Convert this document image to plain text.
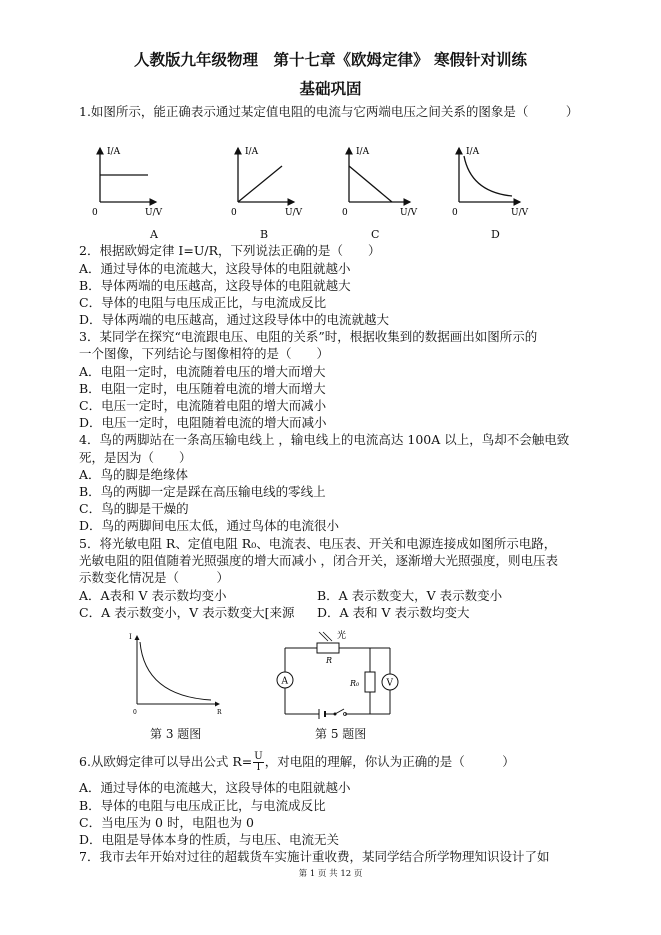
人教版九年级物理　第十七章《欧姆定律》 寒假针对训练
基础巩固
1.如图所示，能正确表示通过某定值电阻的电流与它两端电压之间关系的图象是（　　　）
I/A
U/V
0
I/A
U/V
0
I/A
U/V
0
I/A
U/V
0
A	B	C	D
2．根据欧姆定律 I=U/R，下列说法正确的是（　　）
A．通过导体的电流越大，这段导体的电阻就越小
B．导体两端的电压越高，这段导体的电阻就越大
C．导体的电阻与电压成正比，与电流成反比
D．导体两端的电压越高，通过这段导体中的电流就越大
3．某同学在探究“电流跟电压、电阻的关系”时，根据收集到的数据画出如图所示的
一个图像，下列结论与图像相符的是（　　）
A．电阻一定时，电流随着电压的增大而增大
B．电阻一定时，电压随着电流的增大而增大
C．电压一定时，电流随着电阻的增大而减小
D．电压一定时，电阻随着电流的增大而减小
4．鸟的两脚站在一条高压输电线上 ，输电线上的电流高达 100A 以上，鸟却不会触电致
死，是因为（　　）
A．鸟的脚是绝缘体
B．鸟的两脚一定是踩在高压输电线的零线上
C．鸟的脚是干燥的
D．鸟的两脚间电压太低，通过鸟体的电流很小
5．将光敏电阻 R、定值电阻 R₀、电流表、电压表、开关和电源连接成如图所示电路，
光敏电阻的阻值随着光照强度的增大而减小 ，闭合开关，逐渐增大光照强度，则电压表
示数变化情况是（　　　）
A．A表和 V 表示数均变小	B．A 表示数变大，V 表示数变小
C．A 表示数变小，V 表示数变大[来源 D．A 表和 V 表示数均变大
I
R
0
第 3 题图
光
R
A	R₀	V
第 5 题图
6.从欧姆定律可以导出公式 $R= \frac{U}{I}$ ，对电阻的理解，你认为正确的是（　　　）
A．通过导体的电流越大，这段导体的电阻就越小
B．导体的电阻与电压成正比，与电流成反比
C．当电压为 0 时，电阻也为 0
D．电阻是导体本身的性质，与电压、电流无关
7．我市去年开始对过往的超载货车实施计重收费，某同学结合所学物理知识设计了如
第 1 页 共 12 页
